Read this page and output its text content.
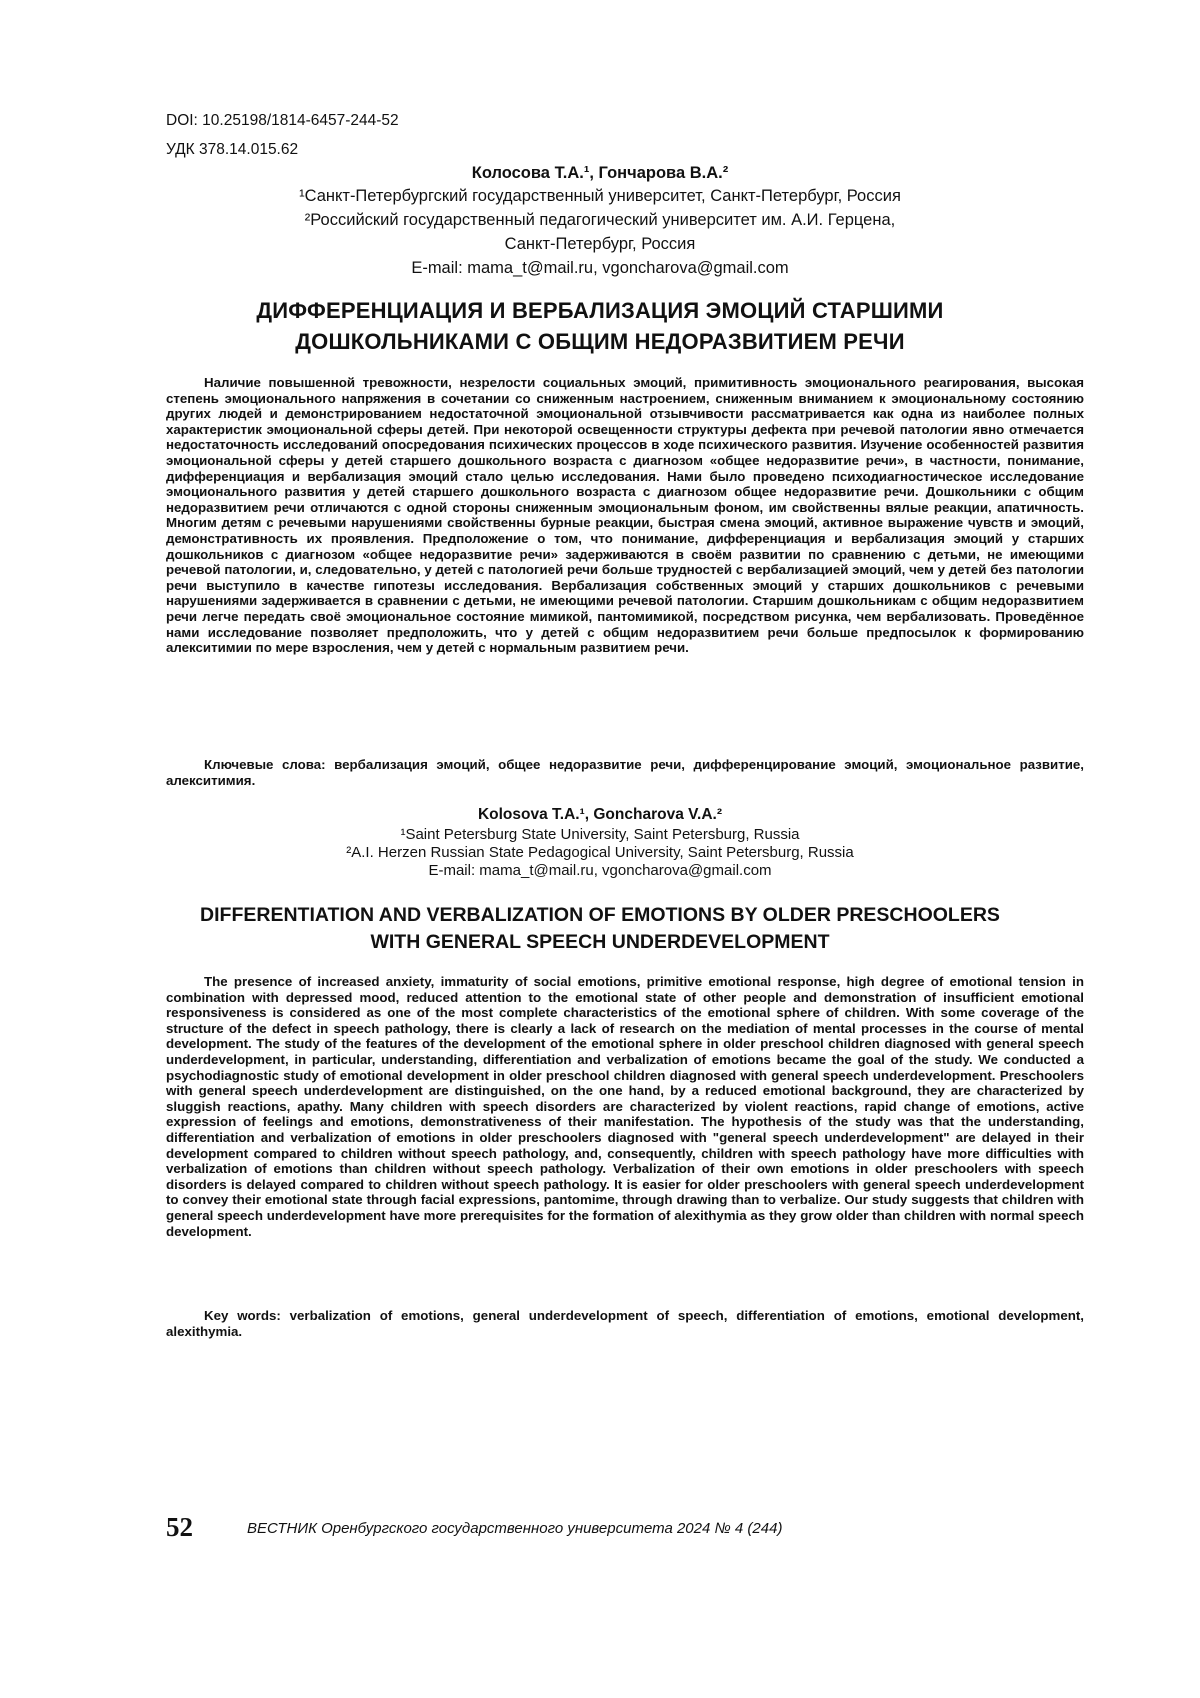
DOI: 10.25198/1814-6457-244-52
УДК 378.14.015.62
Колосова Т.А.¹, Гончарова В.А.²
¹Санкт-Петербургский государственный университет, Санкт-Петербург, Россия
²Российский государственный педагогический университет им. А.И. Герцена,
Санкт-Петербург, Россия
E-mail: mama_t@mail.ru, vgoncharova@gmail.com
ДИФФЕРЕНЦИАЦИЯ И ВЕРБАЛИЗАЦИЯ ЭМОЦИЙ СТАРШИМИ
ДОШКОЛЬНИКАМИ С ОБЩИМ НЕДОРАЗВИТИЕМ РЕЧИ
Наличие повышенной тревожности, незрелости социальных эмоций, примитивность эмоционального реагирования, высокая степень эмоционального напряжения в сочетании со сниженным настроением, сниженным вниманием к эмоциональному состоянию других людей и демонстрированием недостаточной эмоциональной отзывчивости рассматривается как одна из наиболее полных характеристик эмоциональной сферы детей. При некоторой освещенности структуры дефекта при речевой патологии явно отмечается недостаточность исследований опосредования психических процессов в ходе психического развития. Изучение особенностей развития эмоциональной сферы у детей старшего дошкольного возраста с диагнозом «общее недоразвитие речи», в частности, понимание, дифференциация и вербализация эмоций стало целью исследования. Нами было проведено психодиагностическое исследование эмоционального развития у детей старшего дошкольного возраста с диагнозом общее недоразвитие речи. Дошкольники с общим недоразвитием речи отличаются с одной стороны сниженным эмоциональным фоном, им свойственны вялые реакции, апатичность. Многим детям с речевыми нарушениями свойственны бурные реакции, быстрая смена эмоций, активное выражение чувств и эмоций, демонстративность их проявления. Предположение о том, что понимание, дифференциация и вербализация эмоций у старших дошкольников с диагнозом «общее недоразвитие речи» задерживаются в своём развитии по сравнению с детьми, не имеющими речевой патологии, и, следовательно, у детей с патологией речи больше трудностей с вербализацией эмоций, чем у детей без патологии речи выступило в качестве гипотезы исследования. Вербализация собственных эмоций у старших дошкольников с речевыми нарушениями задерживается в сравнении с детьми, не имеющими речевой патологии. Старшим дошкольникам с общим недоразвитием речи легче передать своё эмоциональное состояние мимикой, пантомимикой, посредством рисунка, чем вербализовать. Проведённое нами исследование позволяет предположить, что у детей с общим недоразвитием речи больше предпосылок к формированию алекситимии по мере взросления, чем у детей с нормальным развитием речи.
Ключевые слова: вербализация эмоций, общее недоразвитие речи, дифференцирование эмоций, эмоциональное развитие, алекситимия.
Kolosova T.A.¹, Goncharova V.A.²
¹Saint Petersburg State University, Saint Petersburg, Russia
²A.I. Herzen Russian State Pedagogical University, Saint Petersburg, Russia
E-mail: mama_t@mail.ru, vgoncharova@gmail.com
DIFFERENTIATION AND VERBALIZATION OF EMOTIONS BY OLDER PRESCHOOLERS
WITH GENERAL SPEECH UNDERDEVELOPMENT
The presence of increased anxiety, immaturity of social emotions, primitive emotional response, high degree of emotional tension in combination with depressed mood, reduced attention to the emotional state of other people and demonstration of insufficient emotional responsiveness is considered as one of the most complete characteristics of the emotional sphere of children. With some coverage of the structure of the defect in speech pathology, there is clearly a lack of research on the mediation of mental processes in the course of mental development. The study of the features of the development of the emotional sphere in older preschool children diagnosed with general speech underdevelopment, in particular, understanding, differentiation and verbalization of emotions became the goal of the study. We conducted a psychodiagnostic study of emotional development in older preschool children diagnosed with general speech underdevelopment. Preschoolers with general speech underdevelopment are distinguished, on the one hand, by a reduced emotional background, they are characterized by sluggish reactions, apathy. Many children with speech disorders are characterized by violent reactions, rapid change of emotions, active expression of feelings and emotions, demonstrativeness of their manifestation. The hypothesis of the study was that the understanding, differentiation and verbalization of emotions in older preschoolers diagnosed with "general speech underdevelopment" are delayed in their development compared to children without speech pathology, and, consequently, children with speech pathology have more difficulties with verbalization of emotions than children without speech pathology. Verbalization of their own emotions in older preschoolers with speech disorders is delayed compared to children without speech pathology. It is easier for older preschoolers with general speech underdevelopment to convey their emotional state through facial expressions, pantomime, through drawing than to verbalize. Our study suggests that children with general speech underdevelopment have more prerequisites for the formation of alexithymia as they grow older than children with normal speech development.
Key words: verbalization of emotions, general underdevelopment of speech, differentiation of emotions, emotional development, alexithymia.
52	ВЕСТНИК Оренбургского государственного университета 2024 № 4 (244)
